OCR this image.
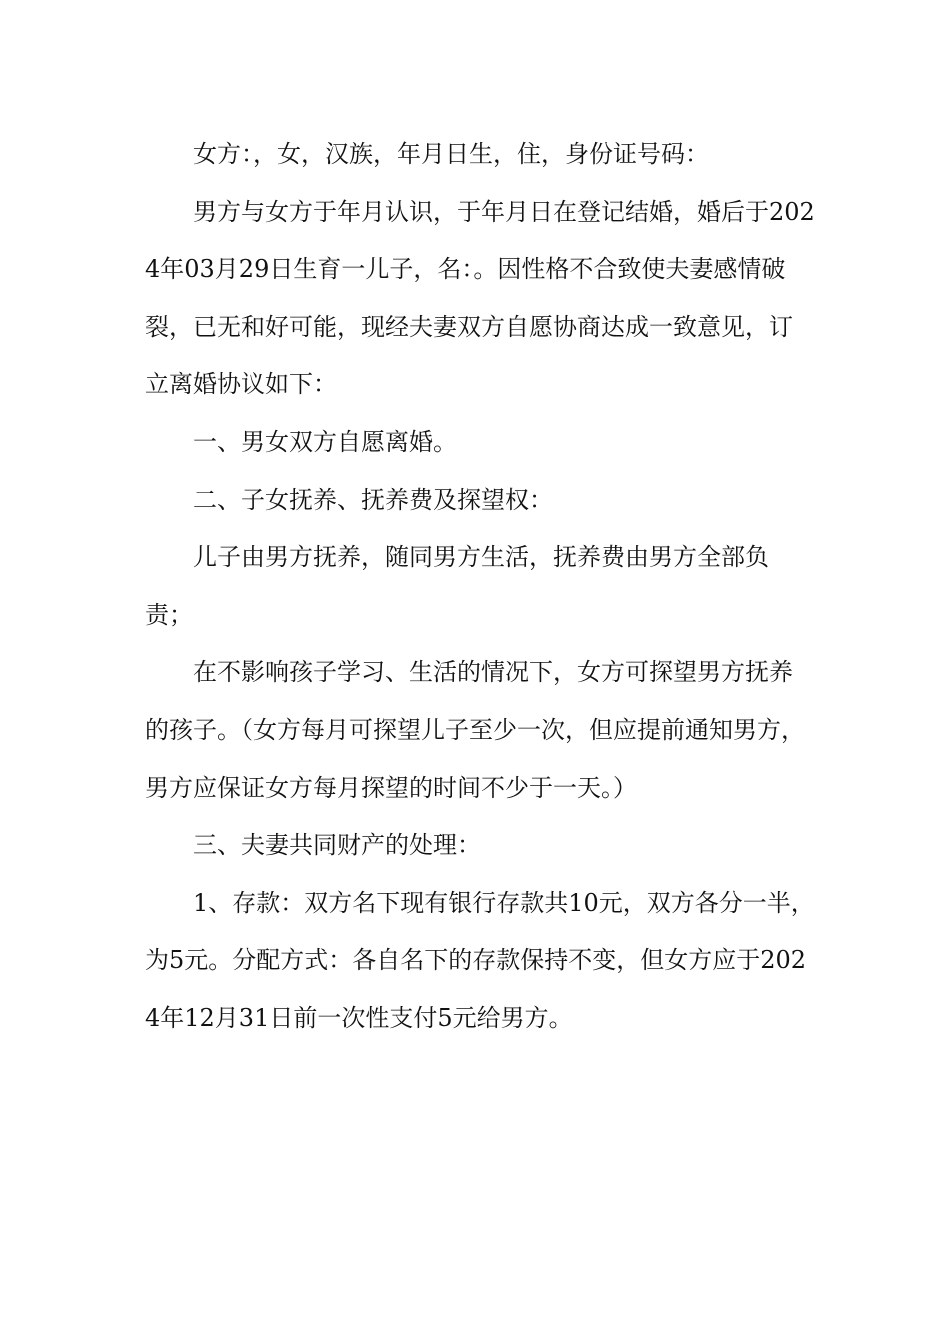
女方：，女，汉族，年月日生，住，身份证号码：

男方与女方于年月认识，于年月日在登记结婚，婚后于2024年03月29日生育一儿子，名：。因性格不合致使夫妻感情破裂，已无和好可能，现经夫妻双方自愿协商达成一致意见，订立离婚协议如下：

一、男女双方自愿离婚。

二、子女抚养、抚养费及探望权：

儿子由男方抚养，随同男方生活，抚养费由男方全部负责；

在不影响孩子学习、生活的情况下，女方可探望男方抚养的孩子。（女方每月可探望儿子至少一次，但应提前通知男方，男方应保证女方每月探望的时间不少于一天。）

三、夫妻共同财产的处理：

1、存款：双方名下现有银行存款共10元，双方各分一半，为5元。分配方式：各自名下的存款保持不变，但女方应于2024年12月31日前一次性支付5元给男方。
